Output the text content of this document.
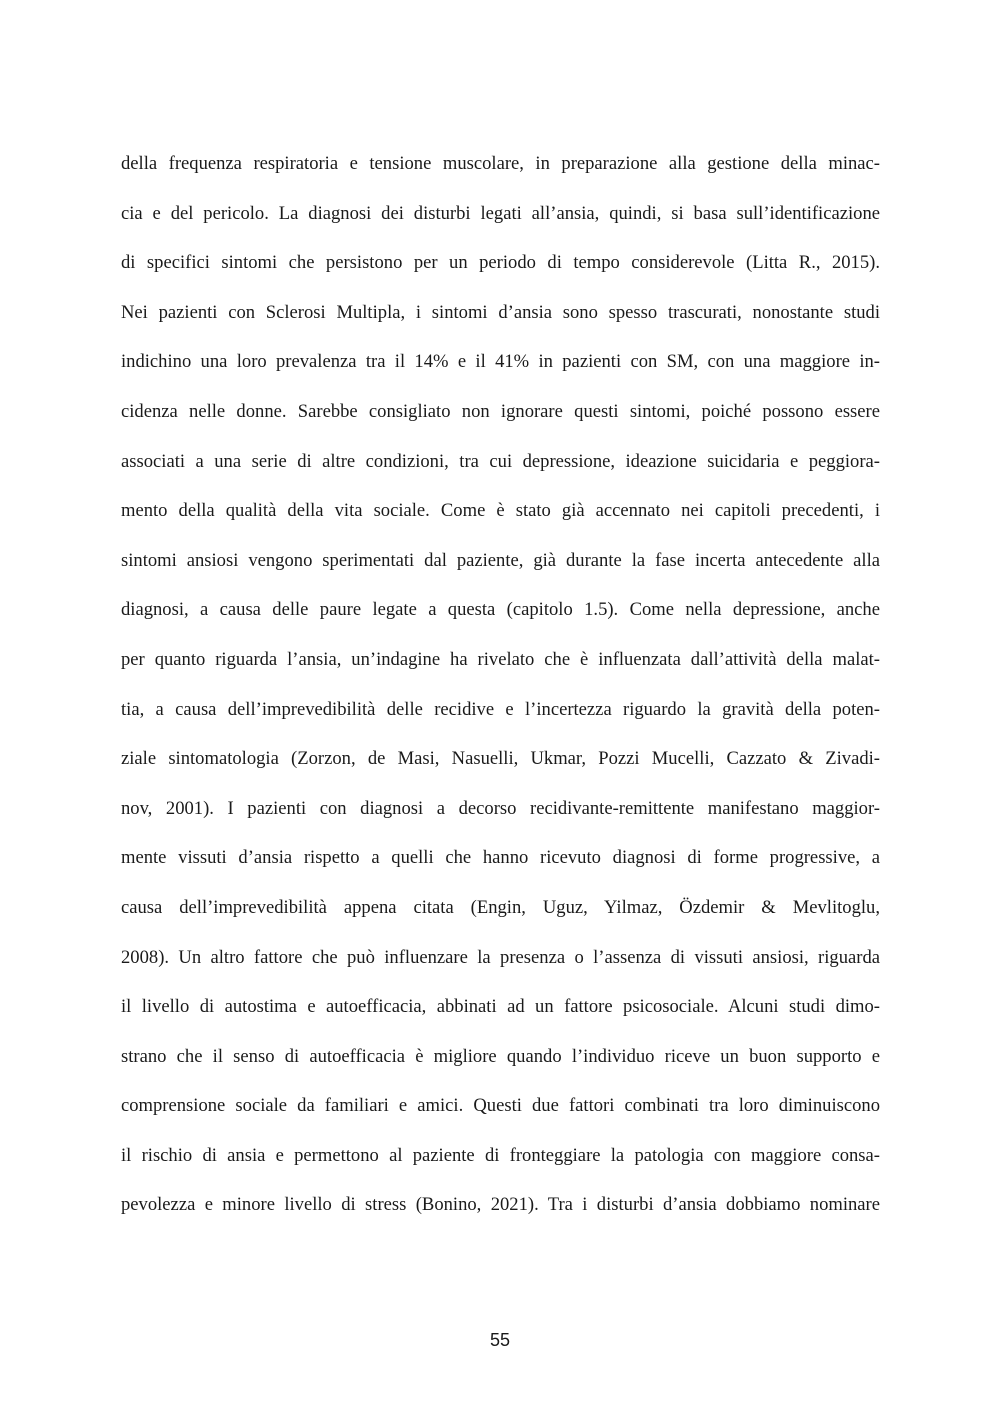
della frequenza respiratoria e tensione muscolare, in preparazione alla gestione della minac-
cia e del pericolo. La diagnosi dei disturbi legati all’ansia, quindi, si basa sull’identificazione
di specifici sintomi che persistono per un periodo di tempo considerevole (Litta R., 2015).
Nei pazienti con Sclerosi Multipla, i sintomi d’ansia sono spesso trascurati, nonostante studi
indichino una loro prevalenza tra il 14% e il 41% in pazienti con SM, con una maggiore in-
cidenza nelle donne. Sarebbe consigliato non ignorare questi sintomi, poiché possono essere
associati a una serie di altre condizioni, tra cui depressione, ideazione suicidaria e peggiora-
mento della qualità della vita sociale. Come è stato già accennato nei capitoli precedenti, i
sintomi ansiosi vengono sperimentati dal paziente, già durante la fase incerta antecedente alla
diagnosi, a causa delle paure legate a questa (capitolo 1.5). Come nella depressione, anche
per quanto riguarda l’ansia, un’indagine ha rivelato che è influenzata dall’attività della malat-
tia, a causa dell’imprevedibilità delle recidive e l’incertezza riguardo la gravità della poten-
ziale sintomatologia (Zorzon, de Masi, Nasuelli, Ukmar, Pozzi Mucelli, Cazzato & Zivadi-
nov, 2001). I pazienti con diagnosi a decorso recidivante-remittente manifestano maggior-
mente vissuti d’ansia rispetto a quelli che hanno ricevuto diagnosi di forme progressive, a
causa dell’imprevedibilità appena citata (Engin, Uguz, Yilmaz, Özdemir & Mevlitoglu,
2008). Un altro fattore che può influenzare la presenza o l’assenza di vissuti ansiosi, riguarda
il livello di autostima e autoefficacia, abbinati ad un fattore psicosociale. Alcuni studi dimo-
strano che il senso di autoefficacia è migliore quando l’individuo riceve un buon supporto e
comprensione sociale da familiari e amici. Questi due fattori combinati tra loro diminuiscono
il rischio di ansia e permettono al paziente di fronteggiare la patologia con maggiore consa-
pevolezza e minore livello di stress (Bonino, 2021). Tra i disturbi d’ansia dobbiamo nominare
55
